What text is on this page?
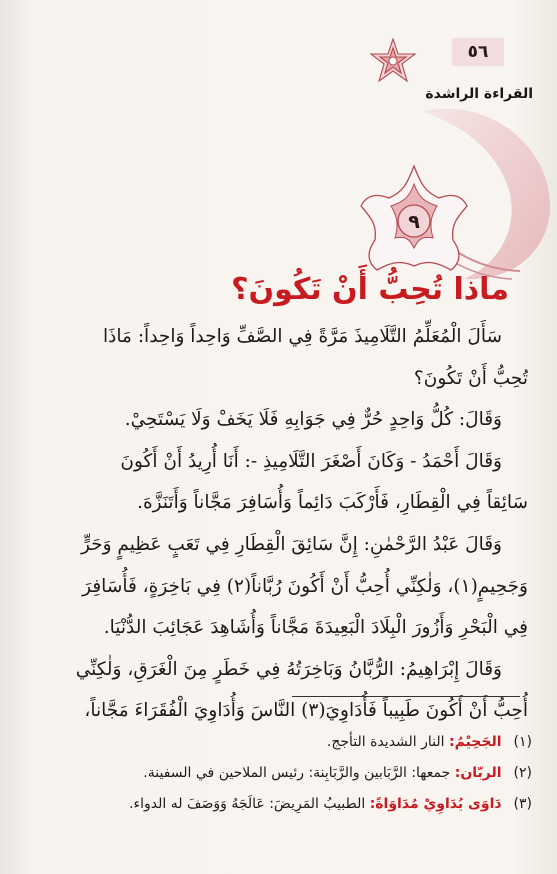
٥٦
القراءة الراشدة
٩
ماذا تُحِبُّ أَنْ تَكُونَ؟
سَأَلَ الْمُعَلِّمُ التَّلَامِيذَ مَرَّةً فِي الصَّفِّ وَاحِداً وَاحِداً: مَاذَا
تُحِبُّ أَنْ تَكُونَ؟
وَقَالَ: كُلُّ وَاحِدٍ حُرٌّ فِي جَوَابِهِ فَلَا يَخَفْ وَلَا يَسْتَحِيْ.
وَقَالَ أَحْمَدُ - وَكَانَ أَصْغَرَ التَّلَامِيذِ -: أَنَا أُرِيدُ أَنْ أَكُونَ
سَائِقاً فِي الْقِطَارِ، فَأَرْكَبَ دَائِماً وَأُسَافِرَ مَجَّاناً وَأَتَنَزَّهَ.
وَقَالَ عَبْدُ الرَّحْمٰنِ: إِنَّ سَائِقَ الْقِطَارِ فِي تَعَبٍ عَظِيمٍ وَحَرٍّ
وَجَحِيمٍ(١)، وَلٰكِنِّي أُحِبُّ أَنْ أَكُونَ رُبَّاناً(٢) فِي بَاخِرَةٍ، فَأُسَافِرَ
فِي الْبَحْرِ وَأَزُورَ الْبِلَادَ الْبَعِيدَةَ مَجَّاناً وَأُشَاهِدَ عَجَائِبَ الدُّنْيَا.
وَقَالَ إِبْرَاهِيمُ: الرُّبَّانُ وَبَاخِرَتُهُ فِي خَطَرٍ مِنَ الْغَرَقِ، وَلٰكِنِّي
أُحِبُّ أَنْ أَكُونَ طَبِيباً فَأُدَاوِيَ(٣) النَّاسَ وَأُدَاوِيَ الْفُقَرَاءَ مَجَّاناً،
(١) الجَحِيْمُ: النار الشديدة التأجج.
(٢) الربّان: جمعها: الرَّبَابين والرَّبَابِنة: رئيس الملاحين في السفينة.
(٣) دَاوَى يُدَاوِيْ مُدَاوَاةً: الطبيبُ المَرِيضَ: عَالَجَهُ وَوَصَفَ له الدواء.
